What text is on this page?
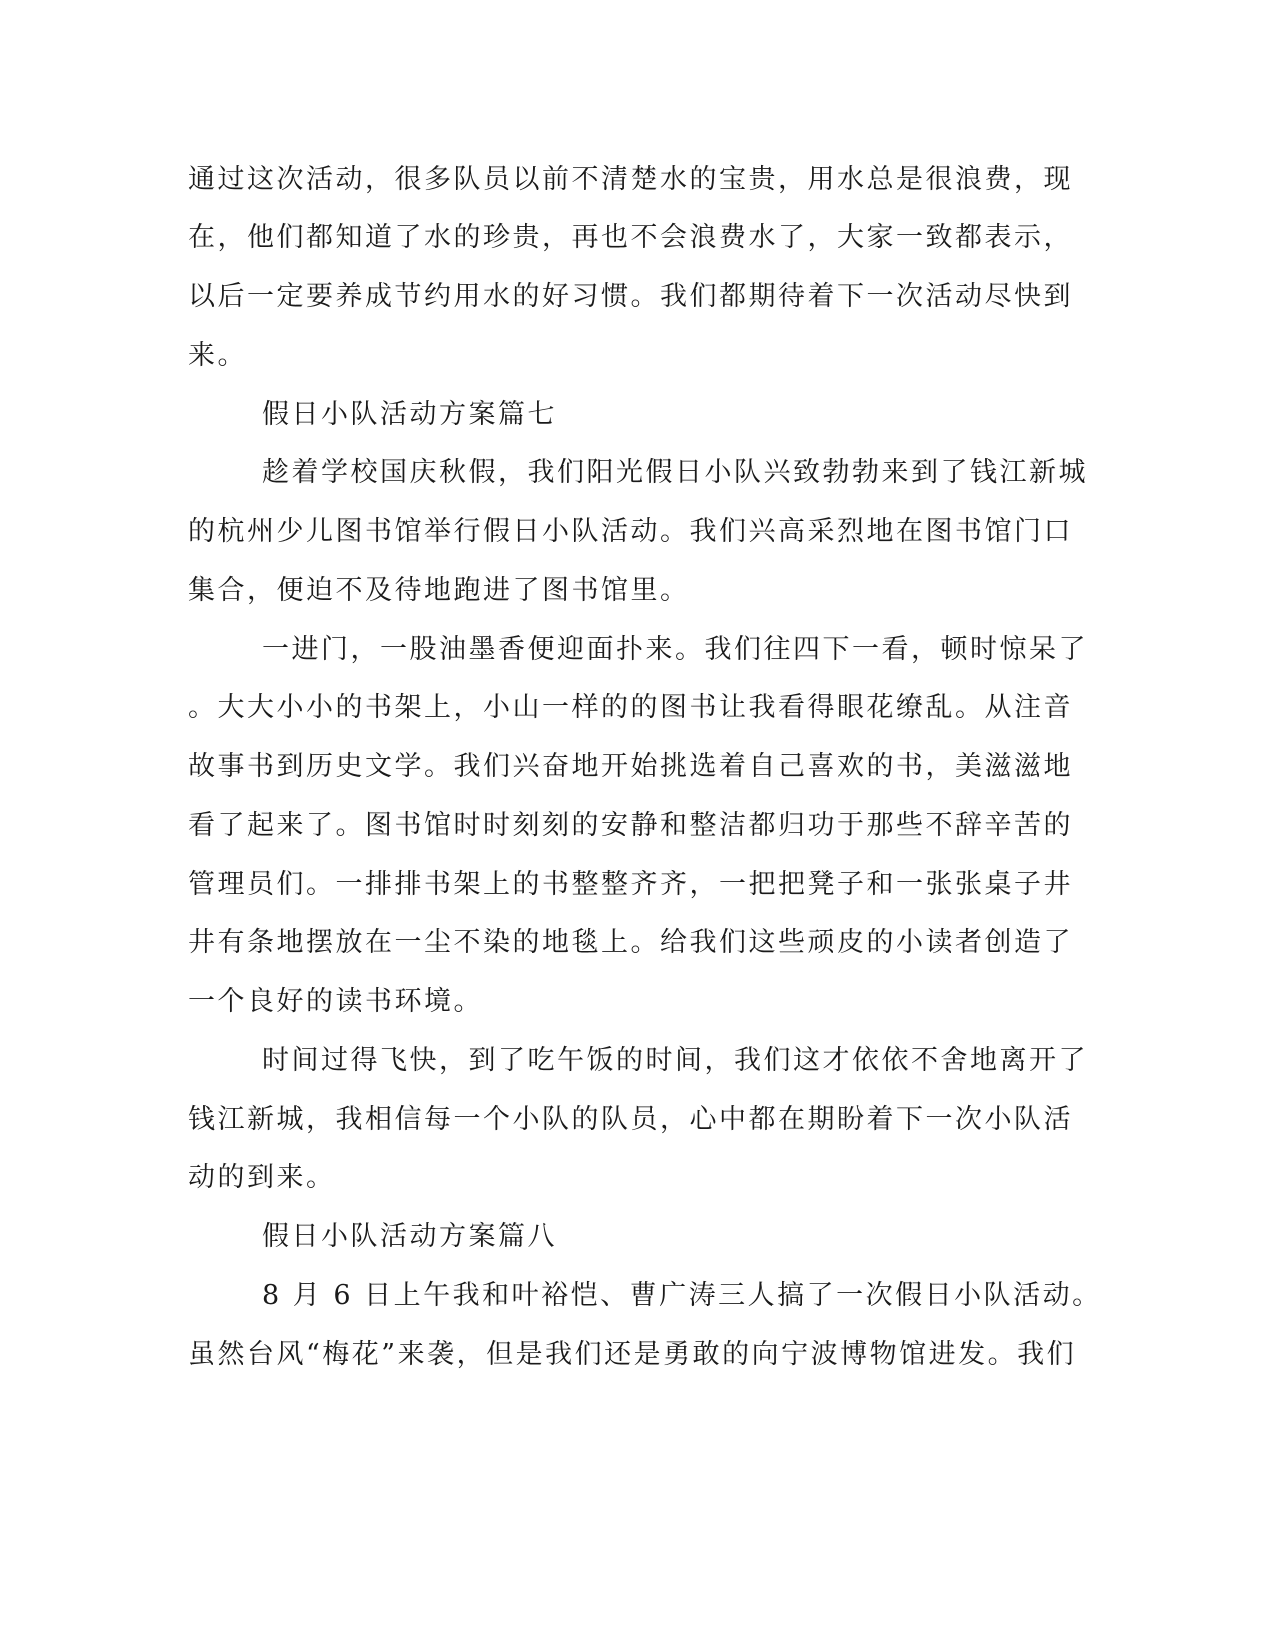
通过这次活动，很多队员以前不清楚水的宝贵，用水总是很浪费，现

在，他们都知道了水的珍贵，再也不会浪费水了，大家一致都表示，

以后一定要养成节约用水的好习惯。我们都期待着下一次活动尽快到

来。

假日小队活动方案篇七

趁着学校国庆秋假，我们阳光假日小队兴致勃勃来到了钱江新城

的杭州少儿图书馆举行假日小队活动。我们兴高采烈地在图书馆门口

集合，便迫不及待地跑进了图书馆里。

一进门，一股油墨香便迎面扑来。我们往四下一看，顿时惊呆了

。大大小小的书架上，小山一样的的图书让我看得眼花缭乱。从注音

故事书到历史文学。我们兴奋地开始挑选着自己喜欢的书，美滋滋地

看了起来了。图书馆时时刻刻的安静和整洁都归功于那些不辞辛苦的

管理员们。一排排书架上的书整整齐齐，一把把凳子和一张张桌子井

井有条地摆放在一尘不染的地毯上。给我们这些顽皮的小读者创造了

一个良好的读书环境。

时间过得飞快，到了吃午饭的时间，我们这才依依不舍地离开了

钱江新城，我相信每一个小队的队员，心中都在期盼着下一次小队活

动的到来。

假日小队活动方案篇八

8 月 6 日上午我和叶裕恺、曹广涛三人搞了一次假日小队活动。

虽然台风“梅花”来袭，但是我们还是勇敢的向宁波博物馆进发。我们
